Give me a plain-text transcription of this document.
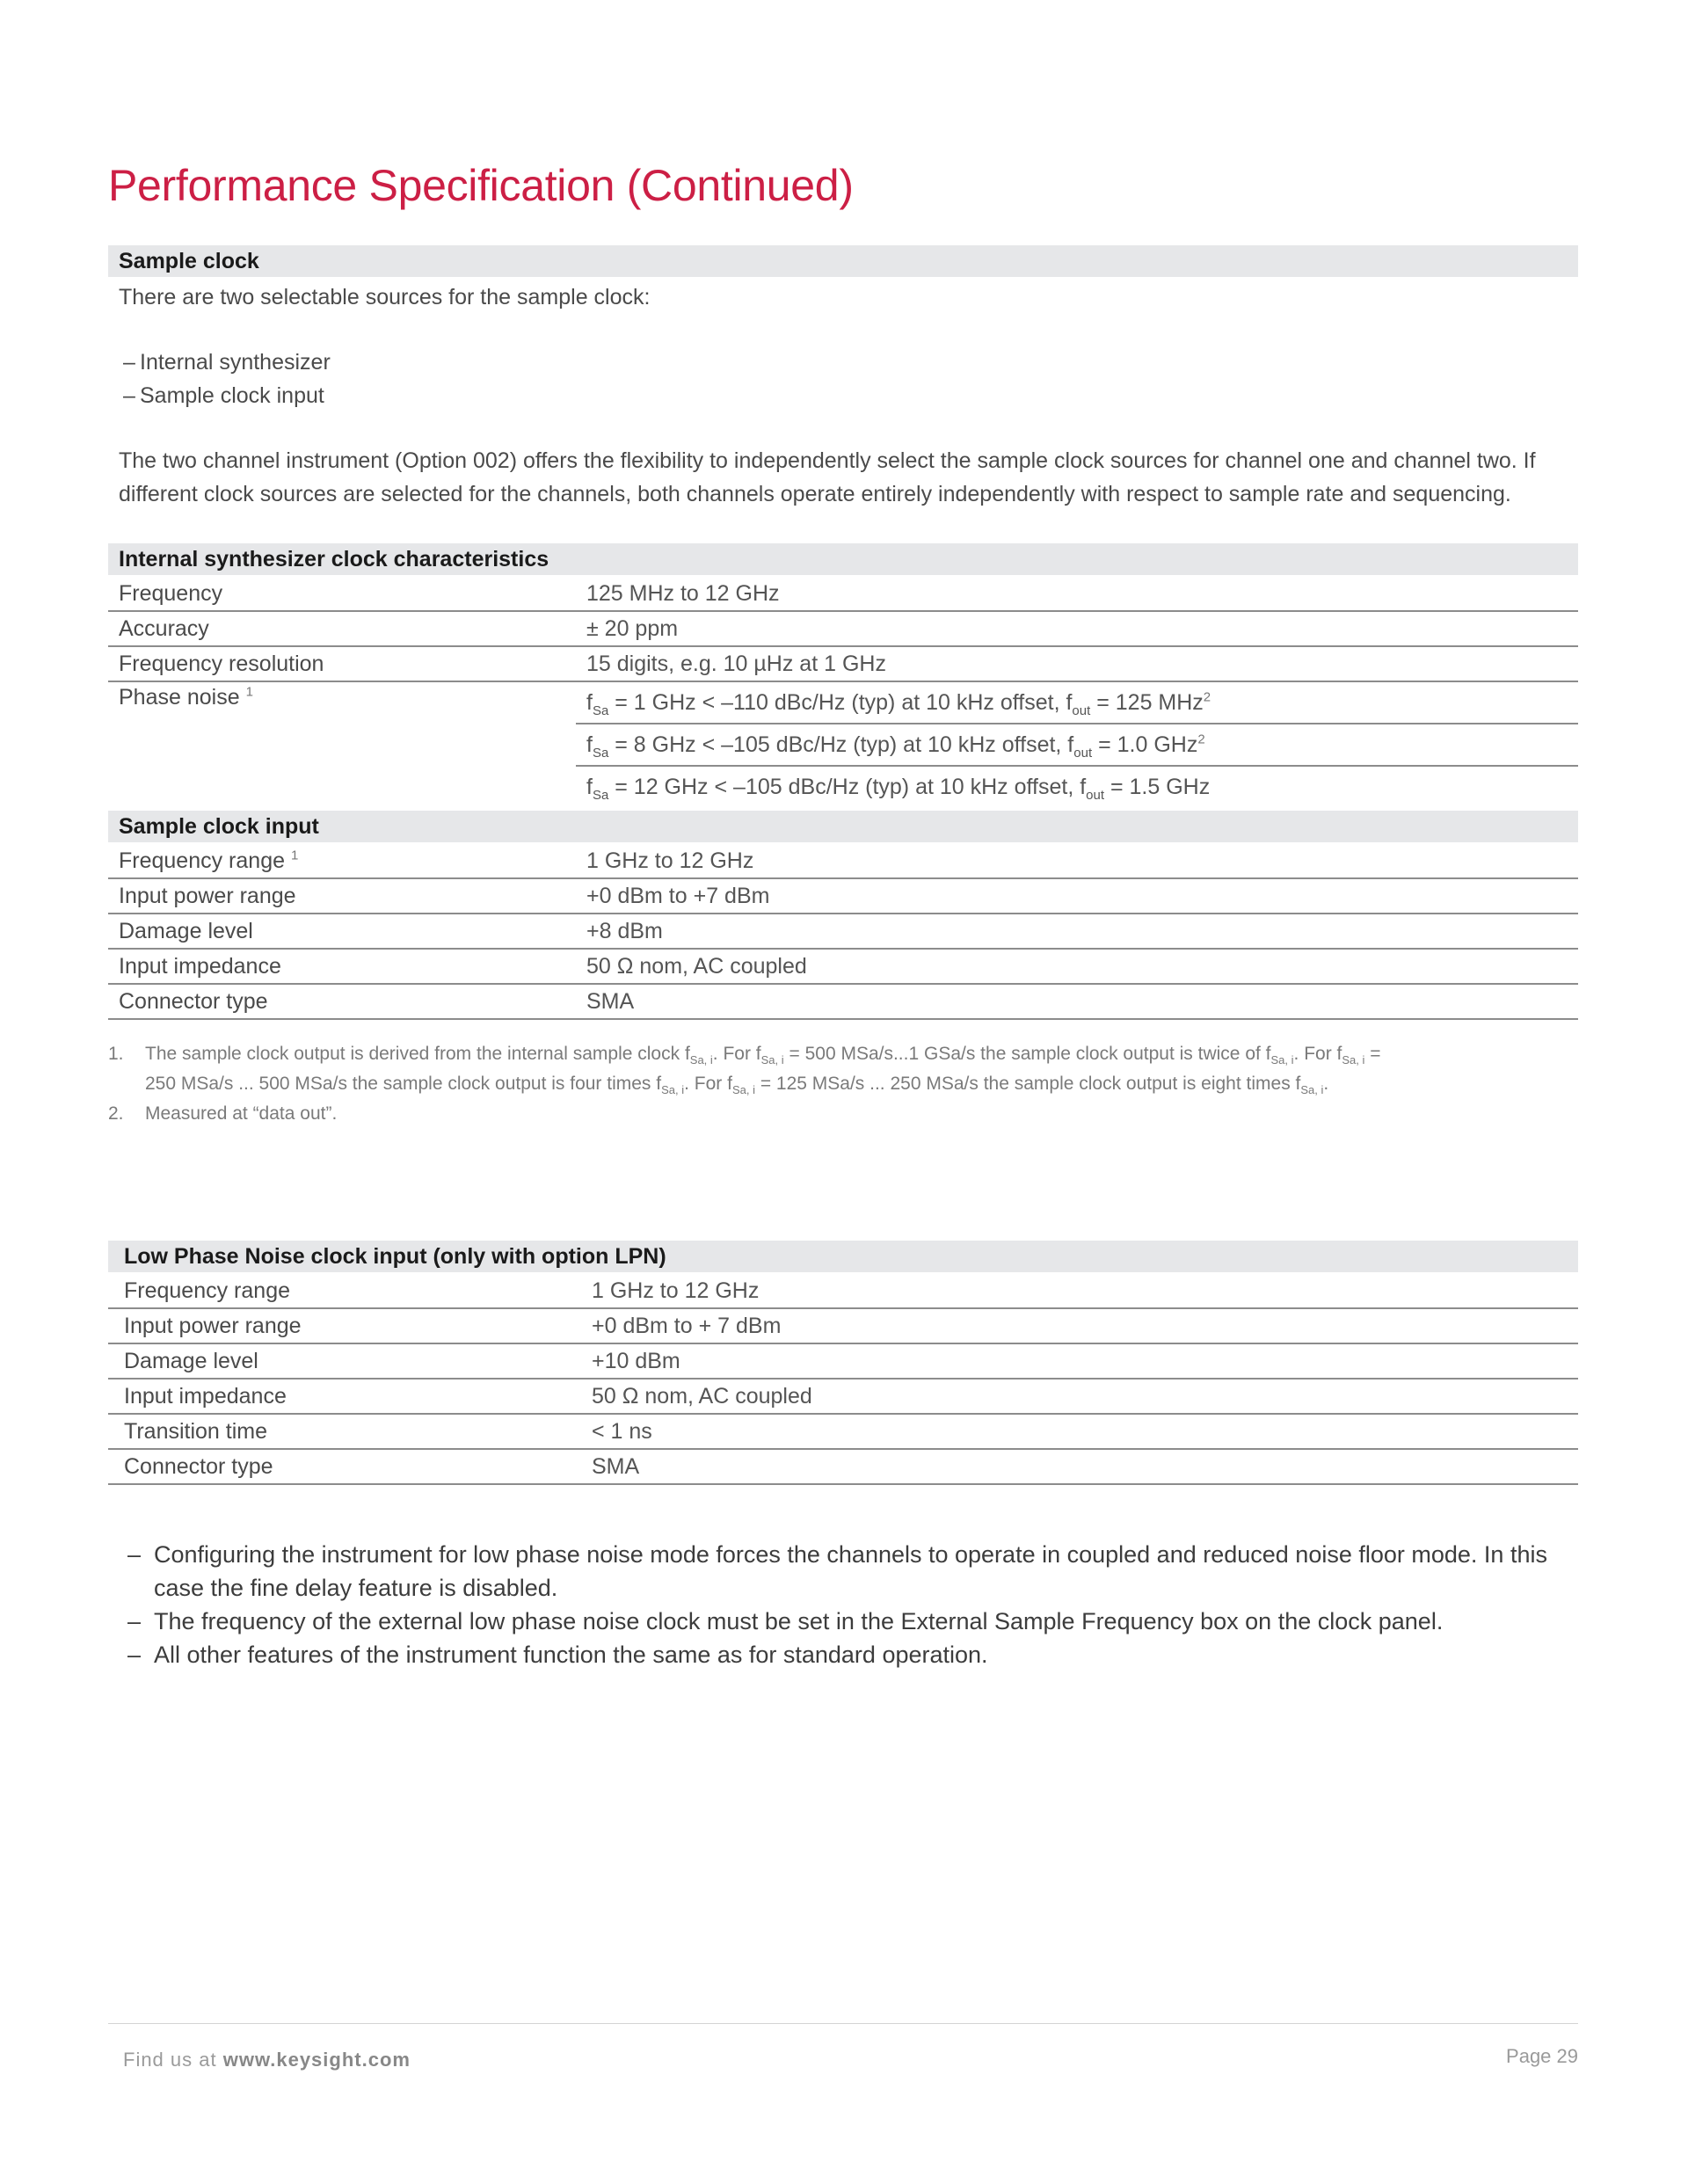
Performance Specification (Continued)
Sample clock

There are two selectable sources for the sample clock:

– Internal synthesizer
– Sample clock input

The two channel instrument (Option 002) offers the flexibility to independently select the sample clock sources for channel one and channel two. If

different clock sources are selected for the channels, both channels operate entirely independently with respect to sample rate and sequencing.

Internal synthesizer clock characteristics
Frequency	125 MHz to 12 GHz
Accuracy	± 20 ppm
Frequency resolution	15 digits, e.g. 10 µHz at 1 GHz
Phase noise $^1$	$f_{Sa} = 1$ GHz < –110 dBc/Hz (typ) at 10 kHz offset, $f_{out} = 125$ MHz$^2$
	$f_{Sa} = 8$ GHz < –105 dBc/Hz (typ) at 10 kHz offset, $f_{out} = 1.0$ GHz$^2$
	$f_{Sa} = 12$ GHz < –105 dBc/Hz (typ) at 10 kHz offset, $f_{out} = 1.5$ GHz
Sample clock input
Frequency range $^1$	1 GHz to 12 GHz
Input power range	+0 dBm to +7 dBm
Damage level	+8 dBm
Input impedance	50 Ω nom, AC coupled
Connector type	SMA
1. The sample clock output is derived from the internal sample clock $f_{Sa, i}$. For $f_{Sa, i} = 500$ MSa/s...1 GSa/s the sample clock output is twice of $f_{Sa, i}$. For $f_{Sa, i}$ =
250 MSa/s ... 500 MSa/s the sample clock output is four times $f_{Sa, i}$. For $f_{Sa, i} = 125$ MSa/s ... 250 MSa/s the sample clock output is eight times $f_{Sa, i}$.
2. Measured at “data out”.
Low Phase Noise clock input (only with option LPN)
Frequency range	1 GHz to 12 GHz
Input power range	+0 dBm to + 7 dBm
Damage level	+10 dBm
Input impedance	50 Ω nom, AC coupled
Transition time	< 1 ns
Connector type	SMA
– Configuring the instrument for low phase noise mode forces the channels to operate in coupled and reduced noise floor mode. In this case the fine delay feature is disabled.
– The frequency of the external low phase noise clock must be set in the External Sample Frequency box on the clock panel.
– All other features of the instrument function the same as for standard operation.
Find us at www.keysight.com	Page 29
